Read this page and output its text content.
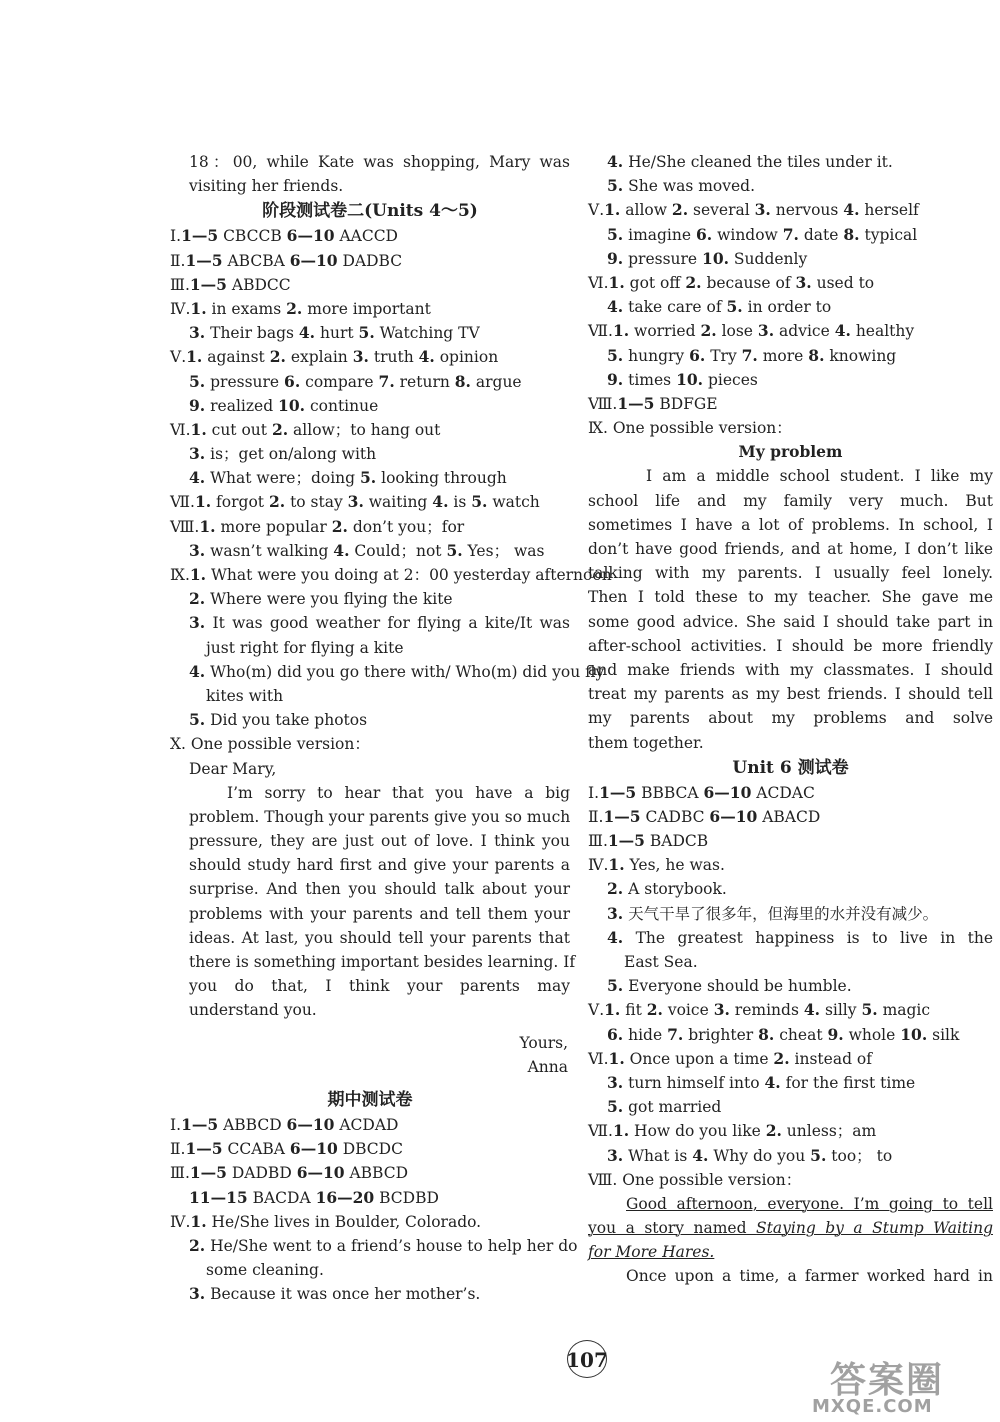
18：00, while Kate was shopping, Mary was
visiting her friends.
阶段测试卷二(Units 4～5)
Ⅰ.1—5 CBCCB 6—10 AACCD
Ⅱ.1—5 ABCBA 6—10 DADBC
Ⅲ.1—5 ABDCC
Ⅳ.1. in exams 2. more important
3. Their bags 4. hurt 5. Watching TV
Ⅴ.1. against 2. explain 3. truth 4. opinion
5. pressure 6. compare 7. return 8. argue
9. realized 10. continue
Ⅵ.1. cut out 2. allow；to hang out
3. is；get on/along with
4. What were；doing 5. looking through
Ⅶ.1. forgot 2. to stay 3. waiting 4. is 5. watch
Ⅷ.1. more popular 2. don’t you；for
3. wasn’t walking 4. Could；not 5. Yes； was
Ⅸ.1. What were you doing at 2：00 yesterday afternoon
2. Where were you flying the kite
3. It was good weather for flying a kite/It was
just right for flying a kite
4. Who(m) did you go there with/ Who(m) did you fly
kites with
5. Did you take photos
Ⅹ. One possible version：
Dear Mary,
I’m sorry to hear that you have a big
problem. Though your parents give you so much
pressure, they are just out of love. I think you
should study hard first and give your parents a
surprise. And then you should talk about your
problems with your parents and tell them your
ideas. At last, you should tell your parents that
there is something important besides learning. If
you do that, I think your parents may
understand you.
Yours,
Anna
期中测试卷
Ⅰ.1—5 ABBCD 6—10 ACDAD
Ⅱ.1—5 CCABA 6—10 DBCDC
Ⅲ.1—5 DADBD 6—10 ABBCD
11—15 BACDA 16—20 BCDBD
Ⅳ.1. He/She lives in Boulder, Colorado.
2. He/She went to a friend’s house to help her do
some cleaning.
3. Because it was once her mother’s.
4. He/She cleaned the tiles under it.
5. She was moved.
Ⅴ.1. allow 2. several 3. nervous 4. herself
5. imagine 6. window 7. date 8. typical
9. pressure 10. Suddenly
Ⅵ.1. got off 2. because of 3. used to
4. take care of 5. in order to
Ⅶ.1. worried 2. lose 3. advice 4. healthy
5. hungry 6. Try 7. more 8. knowing
9. times 10. pieces
Ⅷ.1—5 BDFGE
Ⅸ. One possible version：
My problem
I am a middle school student. I like my
school life and my family very much. But
sometimes I have a lot of problems. In school, I
don’t have good friends, and at home, I don’t like
talking with my parents. I usually feel lonely.
Then I told these to my teacher. She gave me
some good advice. She said I should take part in
after-school activities. I should be more friendly
and make friends with my classmates. I should
treat my parents as my best friends. I should tell
my parents about my problems and solve
them together.
Unit 6 测试卷
Ⅰ.1—5 BBBCA 6—10 ACDAC
Ⅱ.1—5 CADBC 6—10 ABACD
Ⅲ.1—5 BADCB
Ⅳ.1. Yes, he was.
2. A storybook.
3. 天气干旱了很多年，但海里的水并没有减少。
4. The greatest happiness is to live in the
East Sea.
5. Everyone should be humble.
Ⅴ.1. fit 2. voice 3. reminds 4. silly 5. magic
6. hide 7. brighter 8. cheat 9. whole 10. silk
Ⅵ.1. Once upon a time 2. instead of
3. turn himself into 4. for the first time
5. got married
Ⅶ.1. How do you like 2. unless；am
3. What is 4. Why do you 5. too； to
Ⅷ. One possible version：
Good afternoon, everyone. I’m going to tell
you a story named Staying by a Stump Waiting
for More Hares.
Once upon a time, a farmer worked hard in
107	答案圈
MXQE.COM
